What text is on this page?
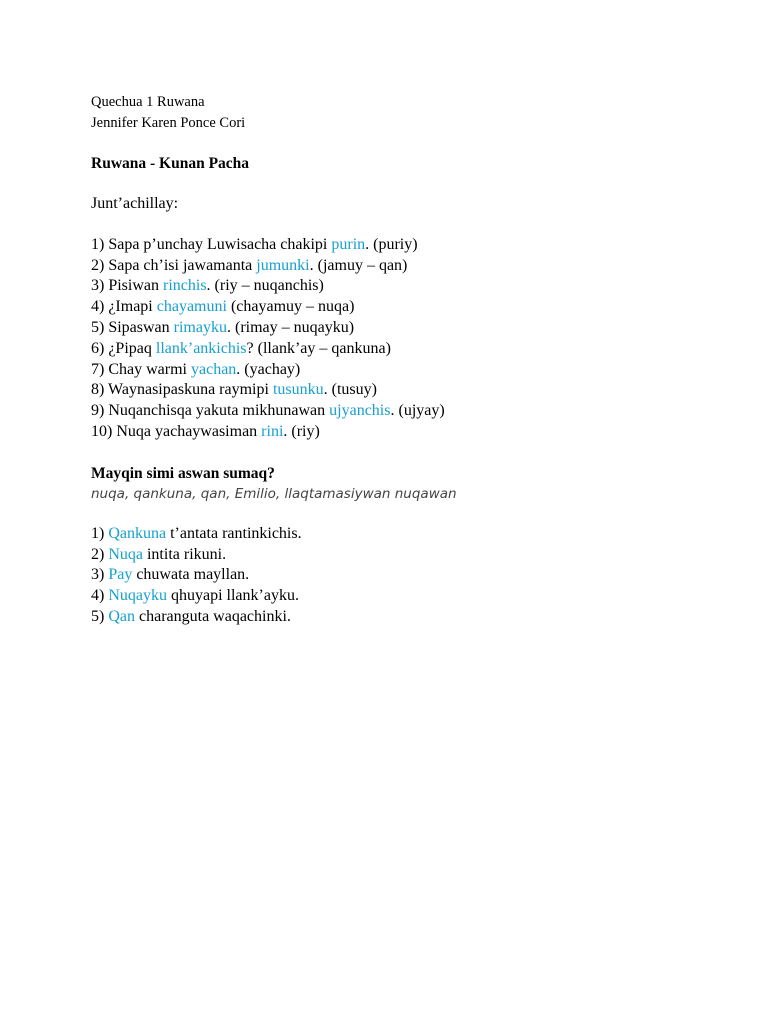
Quechua 1 Ruwana

Jennifer Karen Ponce Cori

Ruwana - Kunan Pacha

Junt’achillay:

1) Sapa p’unchay Luwisacha chakipi purin. (puriy)

2) Sapa ch’isi jawamanta jumunki. (jamuy – qan)

3) Pisiwan rinchis. (riy – nuqanchis)

4) ¿Imapi chayamuni (chayamuy – nuqa)

5) Sipaswan rimayku. (rimay – nuqayku)

6) ¿Pipaq llank’ankichis? (llank’ay – qankuna)

7) Chay warmi yachan. (yachay)

8) Waynasipaskuna raymipi tusunku. (tusuy)

9) Nuqanchisqa yakuta mikhunawan ujyanchis. (ujyay)

10) Nuqa yachaywasiman rini. (riy)

Mayqin simi aswan sumaq?

nuqa, qankuna, qan, Emilio, llaqtamasiywan nuqawan

1) Qankuna t’antata rantinkichis.

2) Nuqa intita rikuni.

3) Pay chuwata mayllan.

4) Nuqayku qhuyapi llank’ayku.

5) Qan charanguta waqachinki.
